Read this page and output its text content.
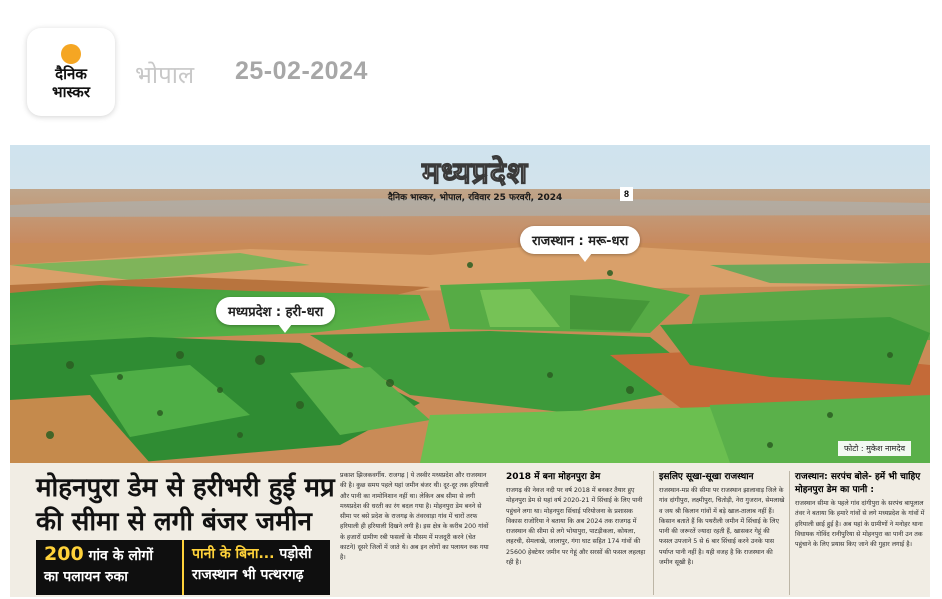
दैनिक
भास्कर
भोपाल 25-02-2024
मध्यप्रदेश
दैनिक भास्कर, भोपाल, रविवार 25 फरवरी, 2024	8
मध्यप्रदेश : हरी-धरा
राजस्थान : मरू-धरा
फोटो : मुकेश नामदेव
मोहनपुरा डेम से हरीभरी हुई मप्र की सीमा से लगी बंजर जमीन
200 गांव के लोगों
का पलायन रुका
पानी के बिना... पड़ोसी
राजस्थान भी पत्थरगढ़
प्रकाश झिजकवर्गीय. राजगढ़ | ये तस्वीर मध्यप्रदेश और राजस्थान की है। कुछ समय पहले यहां जमीन बंजर थी। दूर-दूर तक हरियाली और पानी का नामोनिशान नहीं था। लेकिन अब सीमा से लगी मध्यप्रदेश की धरती का रंग बदल गया है। मोहनपुरा डेम बनने से सीमा पर बसे प्रदेश के राजगढ़ के तंवरवाड़ा गांव में चारों तरफ हरियाली ही हरियाली दिखने लगी है। इस क्षेत्र के करीब 200 गांवों के हजारों ग्रामीण रबी फसलों के मौसम में मजदूरी करने (चेत काटने) दूसरे जिलों में जाते थे। अब इन लोगों का पलायन रुक गया है।
2018 में बना मोहनपुरा डेम
राजगढ़ की नेवज नदी पर वर्ष 2018 में बनकर तैयार हुए मोहनपुरा डेम से यहां वर्ष 2020-21 में सिंचाई के लिए पानी पहुंचने लगा था। मोहनपुरा सिंचाई परियोजना के प्रशासक विकास राजोरिया ने बताया कि अब 2024 तक राजगढ़ में राजस्थान की सीमा से लगे भोयापुरा, पाटड़ीकला, कोयला, लहरची, सेमलाखे, जालापुर, गंगा घाट सहित 174 गांवों की 25600 हेक्टेयर जमीन पर गेहूं और सरसों की फसल लहलहा रही है।
इसलिए सूखा-सूखा राजस्थान
राजस्थान-मप्र की सीमा पर राजस्थान झालावाड़ जिले के गांव दांगीपुरा, लक्ष्मीपुरा, चितोड़ी, नेरा गुजरान, सेमलाखे व जय श्री किलान गांवों में बड़े खाल-तालाब नहीं हैं। किसान बताते हैं कि पथरीली जमीन में सिंचाई के लिए पानी की जरूरतें ज्यादा रहती हैं, खासकर गेहूं की फसल उपजाने 5 से 6 बार सिंचाई करने उनके पास पर्याप्त पानी नहीं है। यही वजह है कि राजस्थान की जमीन सूखी है।
राजस्थान: सरपंच बोले- हमें भी चाहिए मोहनपुरा डेम का पानी :
राजस्थान सीमा के पहले गांव दांगीपुरा के सरपंच बापूलाल तंवर ने बताया कि हमारे गांवों से लगे मध्यप्रदेश के गांवों में हरियाली छाई हुई है। अब यहां के ग्रामीणों ने मनोहर थाना विधायक गोविंद रानीपुरिया से मोहनपुरा का पानी उन तक पहुंचाने के लिए प्रयास किए जाने की गुहार लगाई है।
